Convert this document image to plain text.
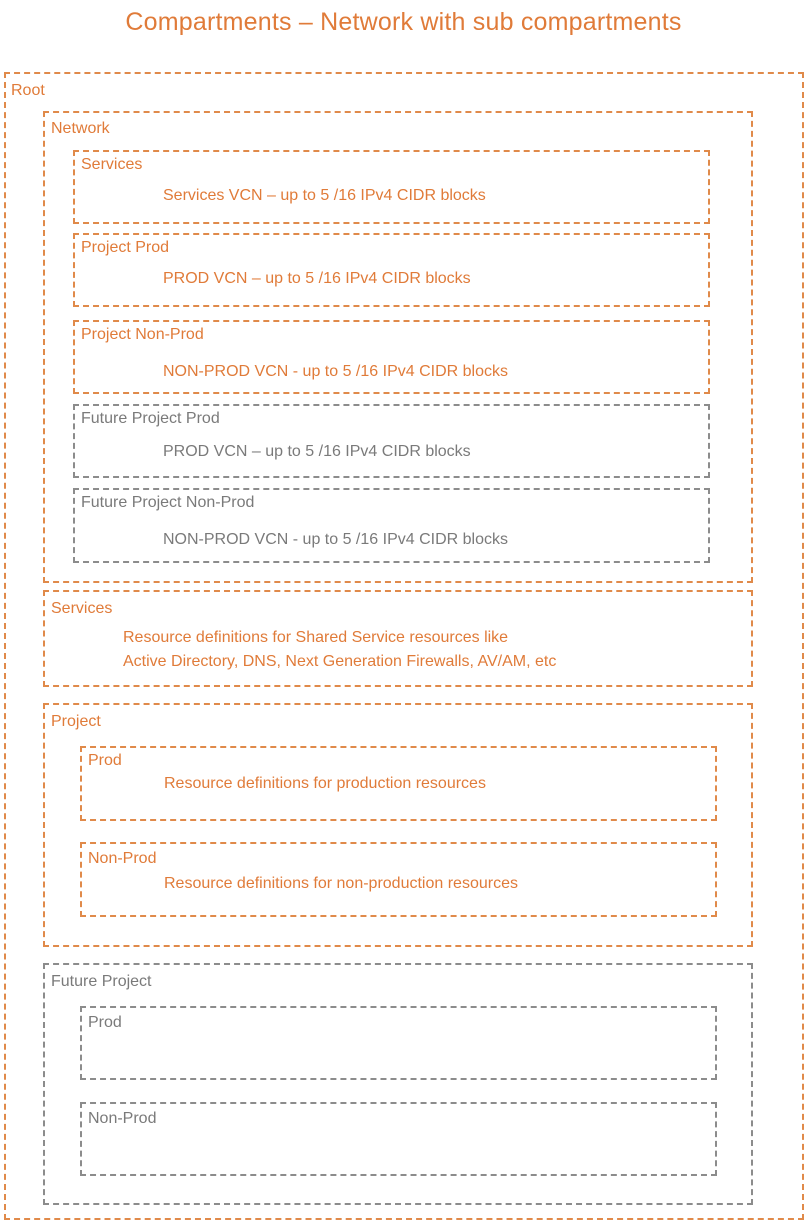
Compartments – Network with sub compartments
Root
Network
Services
Services VCN – up to 5 /16 IPv4 CIDR blocks
Project Prod
PROD VCN – up to 5 /16 IPv4 CIDR blocks
Project Non-Prod
NON-PROD VCN - up to 5 /16 IPv4 CIDR blocks
Future Project Prod
PROD VCN – up to 5 /16 IPv4 CIDR blocks
Future Project Non-Prod
NON-PROD VCN - up to 5 /16 IPv4 CIDR blocks
Services
Resource definitions for Shared Service resources like
Active Directory, DNS, Next Generation Firewalls, AV/AM, etc
Project
Prod
Resource definitions for production resources
Non-Prod
Resource definitions for non-production resources
Future Project
Prod
Non-Prod
